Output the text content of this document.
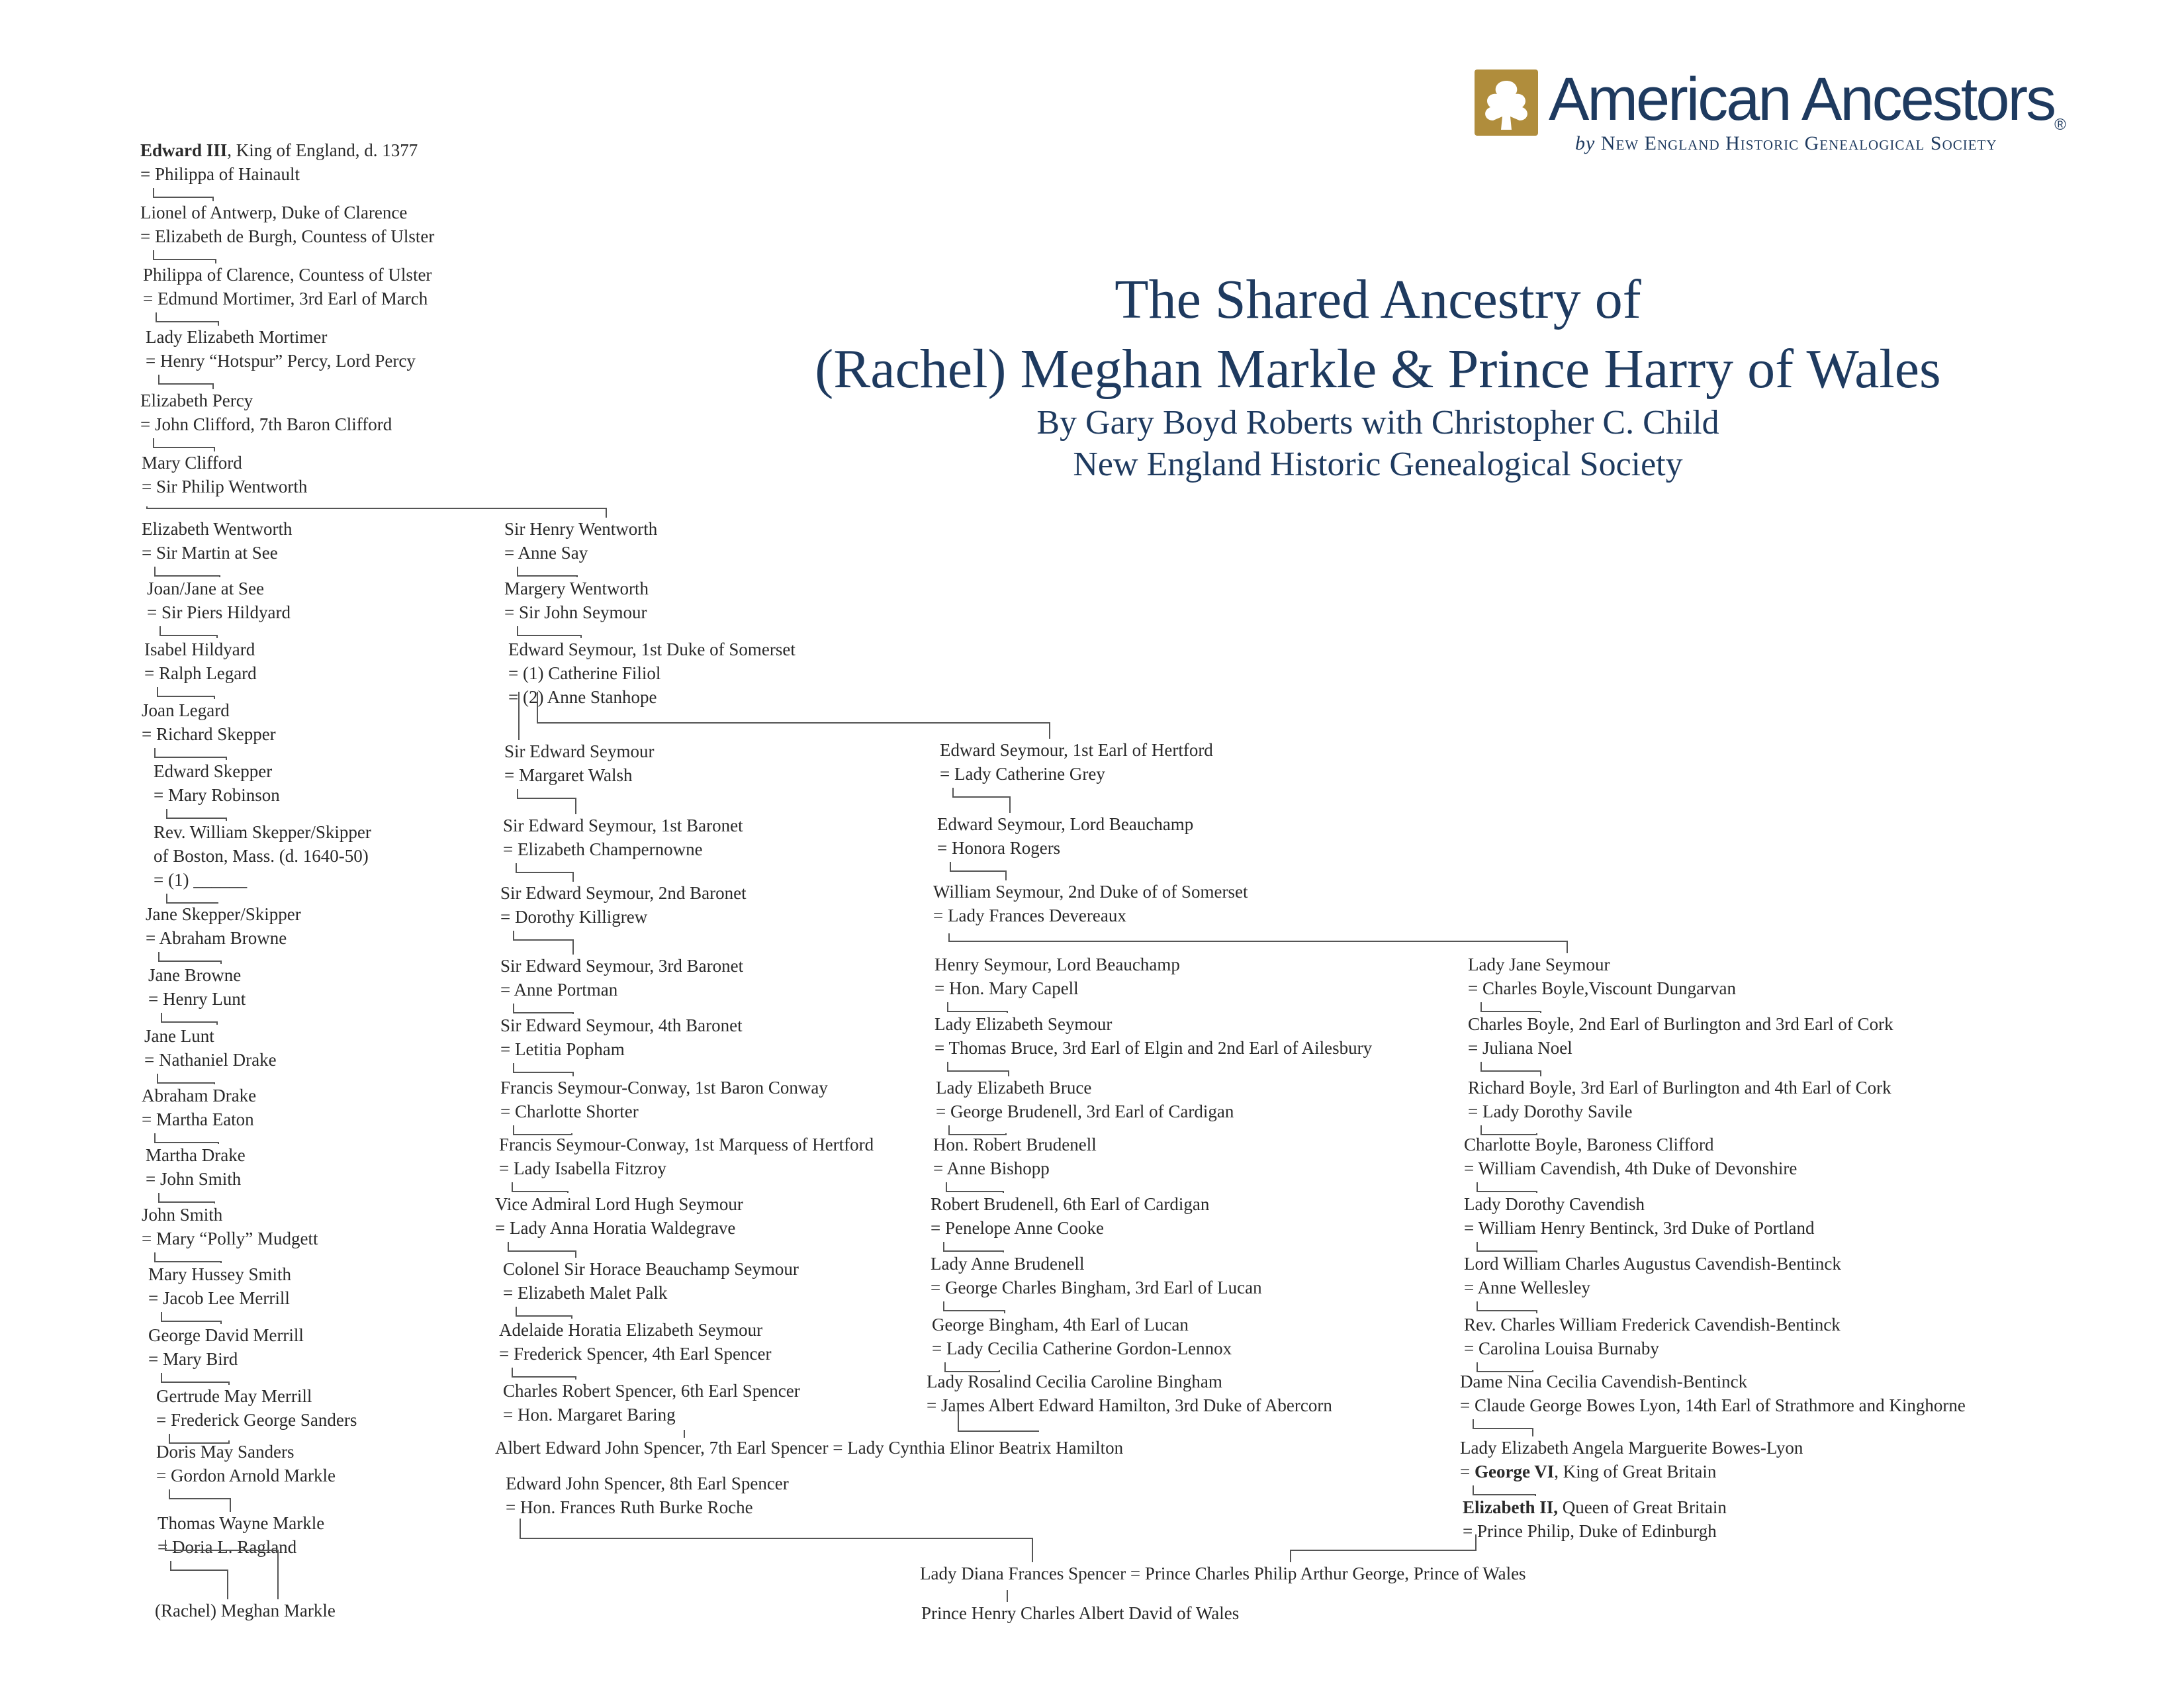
The Shared Ancestry of
(Rachel) Meghan Markle & Prince Harry of Wales
By Gary Boyd Roberts with Christopher C. Child
New England Historic Genealogical Society
Edward III, King of England, d. 1377
= Philippa of Hainault
Lionel of Antwerp, Duke of Clarence
= Elizabeth de Burgh, Countess of Ulster
Philippa of Clarence, Countess of Ulster
= Edmund Mortimer, 3rd Earl of March
Lady Elizabeth Mortimer
= Henry “Hotspur” Percy, Lord Percy
Elizabeth Percy
= John Clifford, 7th Baron Clifford
Mary Clifford
= Sir Philip Wentworth
Elizabeth Wentworth
= Sir Martin at See
Joan/Jane at See
= Sir Piers Hildyard
Isabel Hildyard
= Ralph Legard
Joan Legard
= Richard Skepper
Edward Skepper
= Mary Robinson
Rev. William Skepper/Skipper
of Boston, Mass. (d. 1640-50)
= (1) ______
Jane Skepper/Skipper
= Abraham Browne
Jane Browne
= Henry Lunt
Jane Lunt
= Nathaniel Drake
Abraham Drake
= Martha Eaton
Martha Drake
= John Smith
John Smith
= Mary “Polly” Mudgett
Mary Hussey Smith
= Jacob Lee Merrill
George David Merrill
= Mary Bird
Gertrude May Merrill
= Frederick George Sanders
Doris May Sanders
= Gordon Arnold Markle
Thomas Wayne Markle
= Doria L. Ragland
(Rachel) Meghan Markle
Sir Henry Wentworth
= Anne Say
Margery Wentworth
= Sir John Seymour
Edward Seymour, 1st Duke of Somerset
= (1) Catherine Filiol
= (2) Anne Stanhope
Sir Edward Seymour
= Margaret Walsh
Sir Edward Seymour, 1st Baronet
= Elizabeth Champernowne
Sir Edward Seymour, 2nd Baronet
= Dorothy Killigrew
Sir Edward Seymour, 3rd Baronet
= Anne Portman
Sir Edward Seymour, 4th Baronet
= Letitia Popham
Francis Seymour-Conway, 1st Baron Conway
= Charlotte Shorter
Francis Seymour-Conway, 1st Marquess of Hertford
= Lady Isabella Fitzroy
Vice Admiral Lord Hugh Seymour
= Lady Anna Horatia Waldegrave
Colonel Sir Horace Beauchamp Seymour
= Elizabeth Malet Palk
Adelaide Horatia Elizabeth Seymour
= Frederick Spencer, 4th Earl Spencer
Charles Robert Spencer, 6th Earl Spencer
= Hon. Margaret Baring
Albert Edward John Spencer, 7th Earl Spencer = Lady Cynthia Elinor Beatrix Hamilton
Edward John Spencer, 8th Earl Spencer
= Hon. Frances Ruth Burke Roche
Edward Seymour, 1st Earl of Hertford
= Lady Catherine Grey
Edward Seymour, Lord Beauchamp
= Honora Rogers
William Seymour, 2nd Duke of of Somerset
= Lady Frances Devereaux
Henry Seymour, Lord Beauchamp
= Hon. Mary Capell
Lady Elizabeth Seymour
= Thomas Bruce, 3rd Earl of Elgin and 2nd Earl of Ailesbury
Lady Elizabeth Bruce
= George Brudenell, 3rd Earl of Cardigan
Hon. Robert Brudenell
= Anne Bishopp
Robert Brudenell, 6th Earl of Cardigan
= Penelope Anne Cooke
Lady Anne Brudenell
= George Charles Bingham, 3rd Earl of Lucan
George Bingham, 4th Earl of Lucan
= Lady Cecilia Catherine Gordon-Lennox
Lady Rosalind Cecilia Caroline Bingham
= James Albert Edward Hamilton, 3rd Duke of Abercorn
Lady Jane Seymour
= Charles Boyle,Viscount Dungarvan
Charles Boyle, 2nd Earl of Burlington and 3rd Earl of Cork
= Juliana Noel
Richard Boyle, 3rd Earl of Burlington and 4th Earl of Cork
= Lady Dorothy Savile
Charlotte Boyle, Baroness Clifford
= William Cavendish, 4th Duke of Devonshire
Lady Dorothy Cavendish
= William Henry Bentinck, 3rd Duke of Portland
Lord William Charles Augustus Cavendish-Bentinck
= Anne Wellesley
Rev. Charles William Frederick Cavendish-Bentinck
= Carolina Louisa Burnaby
Dame Nina Cecilia Cavendish-Bentinck
= Claude George Bowes Lyon, 14th Earl of Strathmore and Kinghorne
Lady Elizabeth Angela Marguerite Bowes-Lyon
= George VI, King of Great Britain
Elizabeth II, Queen of Great Britain
= Prince Philip, Duke of Edinburgh
Lady Diana Frances Spencer = Prince Charles Philip Arthur George, Prince of Wales
Prince Henry Charles Albert David of Wales
American Ancestors®
by New England Historic Genealogical Society
